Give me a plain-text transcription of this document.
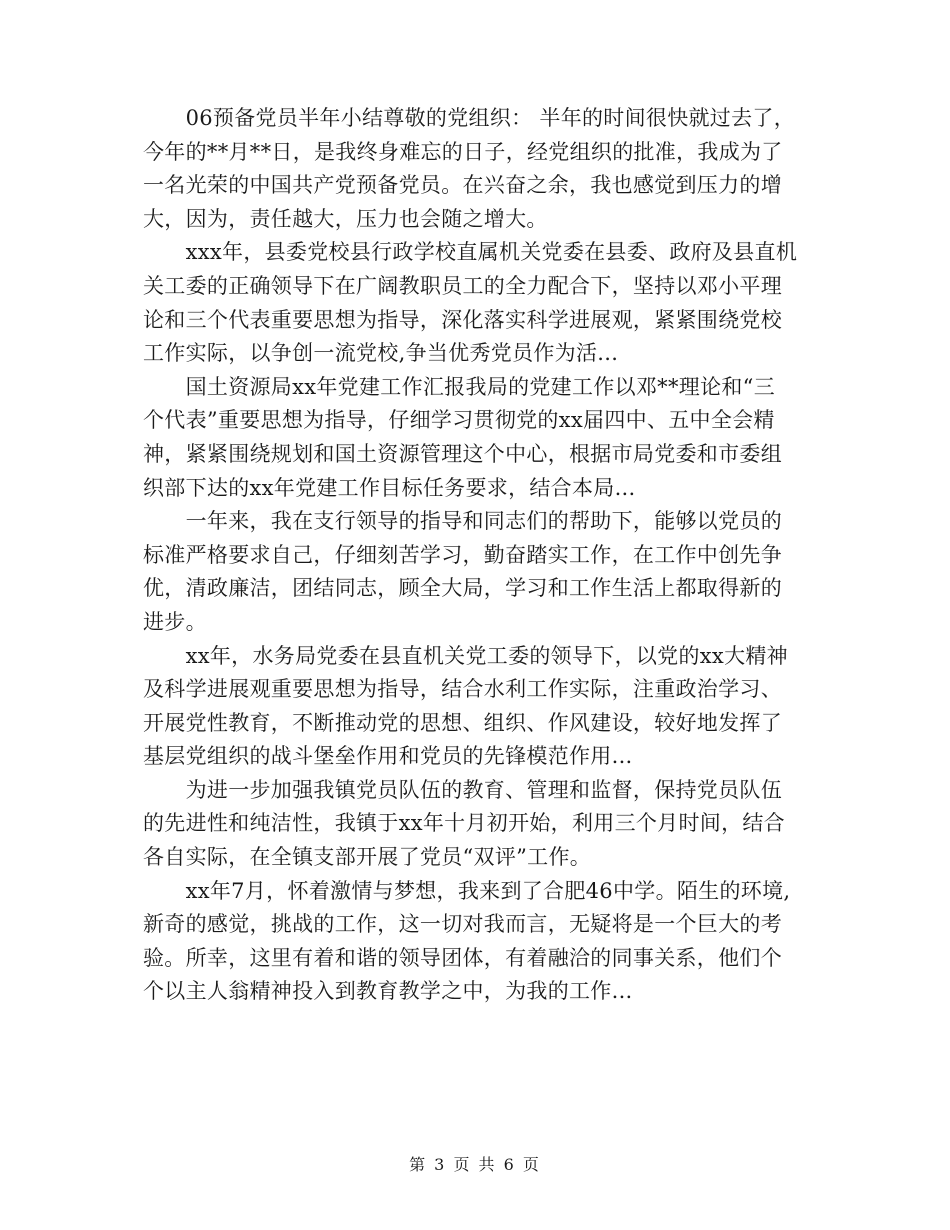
　　06预备党员半年小结尊敬的党组织： 半年的时间很快就过去了，
今年的**月**日，是我终身难忘的日子，经党组织的批准，我成为了
一名光荣的中国共产党预备党员。在兴奋之余，我也感觉到压力的增
大，因为，责任越大，压力也会随之增大。
　　xxx年，县委党校县行政学校直属机关党委在县委、政府及县直机
关工委的正确领导下在广阔教职员工的全力配合下，坚持以邓小平理
论和三个代表重要思想为指导，深化落实科学进展观，紧紧围绕党校
工作实际，以争创一流党校,争当优秀党员作为活...
　　国土资源局xx年党建工作汇报我局的党建工作以邓**理论和“三
个代表”重要思想为指导，仔细学习贯彻党的xx届四中、五中全会精
神，紧紧围绕规划和国土资源管理这个中心，根据市局党委和市委组
织部下达的xx年党建工作目标任务要求，结合本局...
　　一年来，我在支行领导的指导和同志们的帮助下，能够以党员的
标准严格要求自己，仔细刻苦学习，勤奋踏实工作，在工作中创先争
优，清政廉洁，团结同志，顾全大局，学习和工作生活上都取得新的
进步。
　　xx年，水务局党委在县直机关党工委的领导下，以党的xx大精神
及科学进展观重要思想为指导，结合水利工作实际，注重政治学习、
开展党性教育，不断推动党的思想、组织、作风建设，较好地发挥了
基层党组织的战斗堡垒作用和党员的先锋模范作用...
　　为进一步加强我镇党员队伍的教育、管理和监督，保持党员队伍
的先进性和纯洁性，我镇于xx年十月初开始，利用三个月时间，结合
各自实际，在全镇支部开展了党员“双评”工作。
　　xx年7月，怀着激情与梦想，我来到了合肥46中学。陌生的环境,
新奇的感觉，挑战的工作，这一切对我而言，无疑将是一个巨大的考
验。所幸，这里有着和谐的领导团体，有着融洽的同事关系，他们个
个以主人翁精神投入到教育教学之中，为我的工作...
第 3 页 共 6 页
